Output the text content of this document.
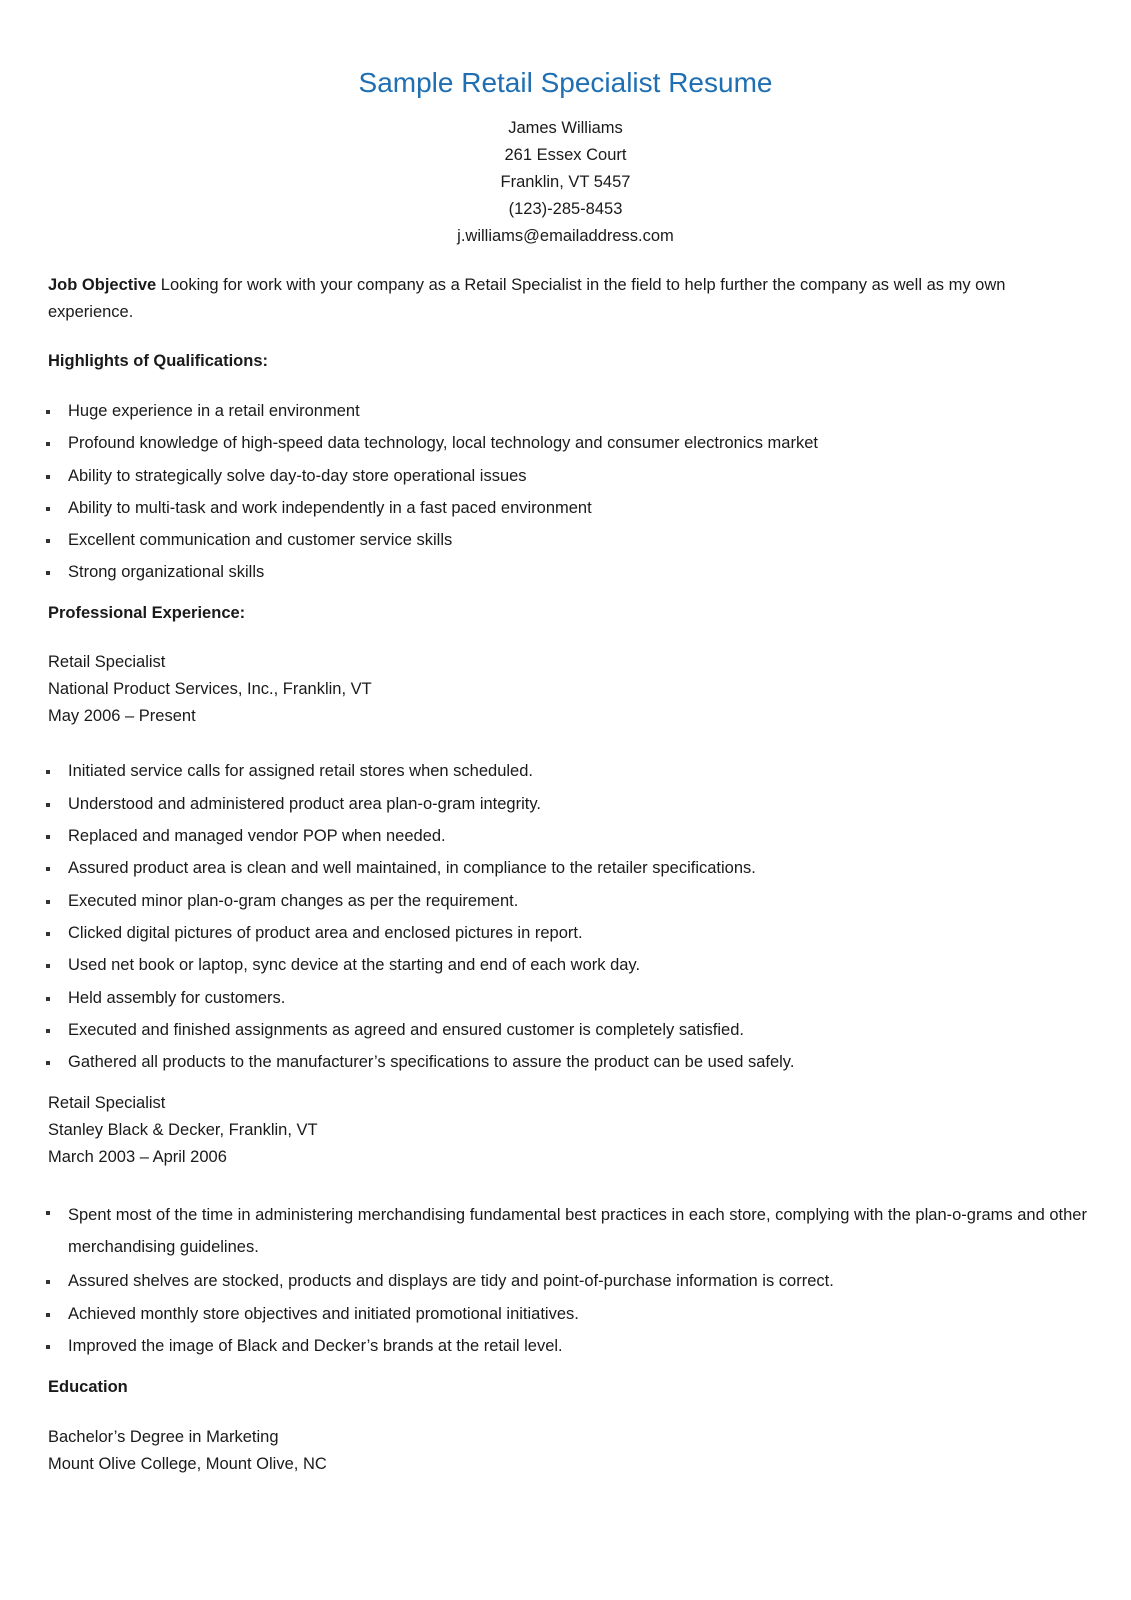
Sample Retail Specialist Resume
James Williams
261 Essex Court
Franklin, VT 5457
(123)-285-8453
j.williams@emailaddress.com

Job Objective Looking for work with your company as a Retail Specialist in the field to help further the company as well as my own experience.

Highlights of Qualifications:
Huge experience in a retail environment
Profound knowledge of high-speed data technology, local technology and consumer electronics market
Ability to strategically solve day-to-day store operational issues
Ability to multi-task and work independently in a fast paced environment
Excellent communication and customer service skills
Strong organizational skills
Professional Experience:
Retail Specialist
National Product Services, Inc., Franklin, VT
May 2006 – Present
Initiated service calls for assigned retail stores when scheduled.
Understood and administered product area plan-o-gram integrity.
Replaced and managed vendor POP when needed.
Assured product area is clean and well maintained, in compliance to the retailer specifications.
Executed minor plan-o-gram changes as per the requirement.
Clicked digital pictures of product area and enclosed pictures in report.
Used net book or laptop, sync device at the starting and end of each work day.
Held assembly for customers.
Executed and finished assignments as agreed and ensured customer is completely satisfied.
Gathered all products to the manufacturer’s specifications to assure the product can be used safely.
Retail Specialist
Stanley Black & Decker, Franklin, VT
March 2003 – April 2006
Spent most of the time in administering merchandising fundamental best practices in each store, complying with the plan-o-grams and other merchandising guidelines.
Assured shelves are stocked, products and displays are tidy and point-of-purchase information is correct.
Achieved monthly store objectives and initiated promotional initiatives.
Improved the image of Black and Decker’s brands at the retail level.
Education
Bachelor’s Degree in Marketing
Mount Olive College, Mount Olive, NC
